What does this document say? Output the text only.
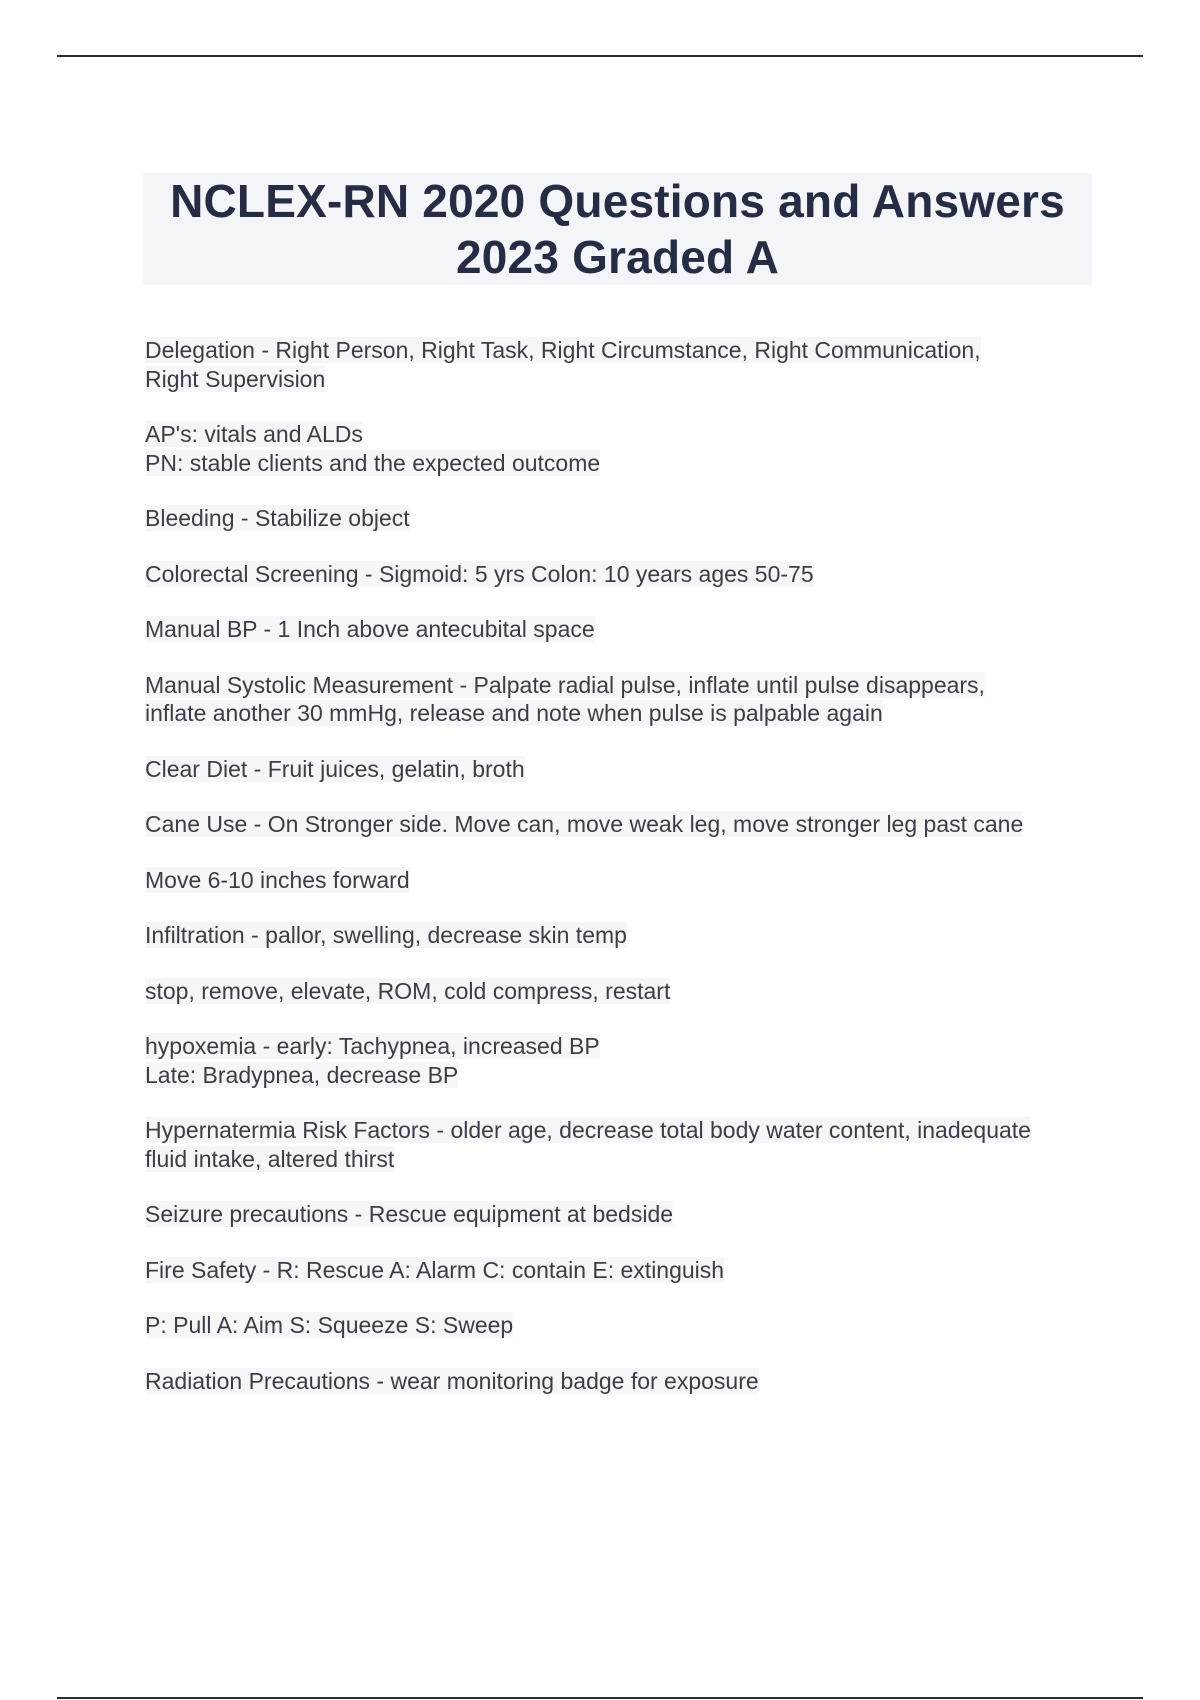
NCLEX-RN 2020 Questions and Answers 2023 Graded A

Delegation - Right Person, Right Task, Right Circumstance, Right Communication,
Right Supervision

AP's: vitals and ALDs
PN: stable clients and the expected outcome

Bleeding - Stabilize object

Colorectal Screening - Sigmoid: 5 yrs Colon: 10 years ages 50-75

Manual BP - 1 Inch above antecubital space

Manual Systolic Measurement - Palpate radial pulse, inflate until pulse disappears,
inflate another 30 mmHg, release and note when pulse is palpable again

Clear Diet - Fruit juices, gelatin, broth

Cane Use - On Stronger side. Move can, move weak leg, move stronger leg past cane

Move 6-10 inches forward

Infiltration - pallor, swelling, decrease skin temp

stop, remove, elevate, ROM, cold compress, restart

hypoxemia - early: Tachypnea, increased BP
Late: Bradypnea, decrease BP

Hypernatermia Risk Factors - older age, decrease total body water content, inadequate
fluid intake, altered thirst

Seizure precautions - Rescue equipment at bedside

Fire Safety - R: Rescue A: Alarm C: contain E: extinguish

P: Pull A: Aim S: Squeeze S: Sweep

Radiation Precautions - wear monitoring badge for exposure
